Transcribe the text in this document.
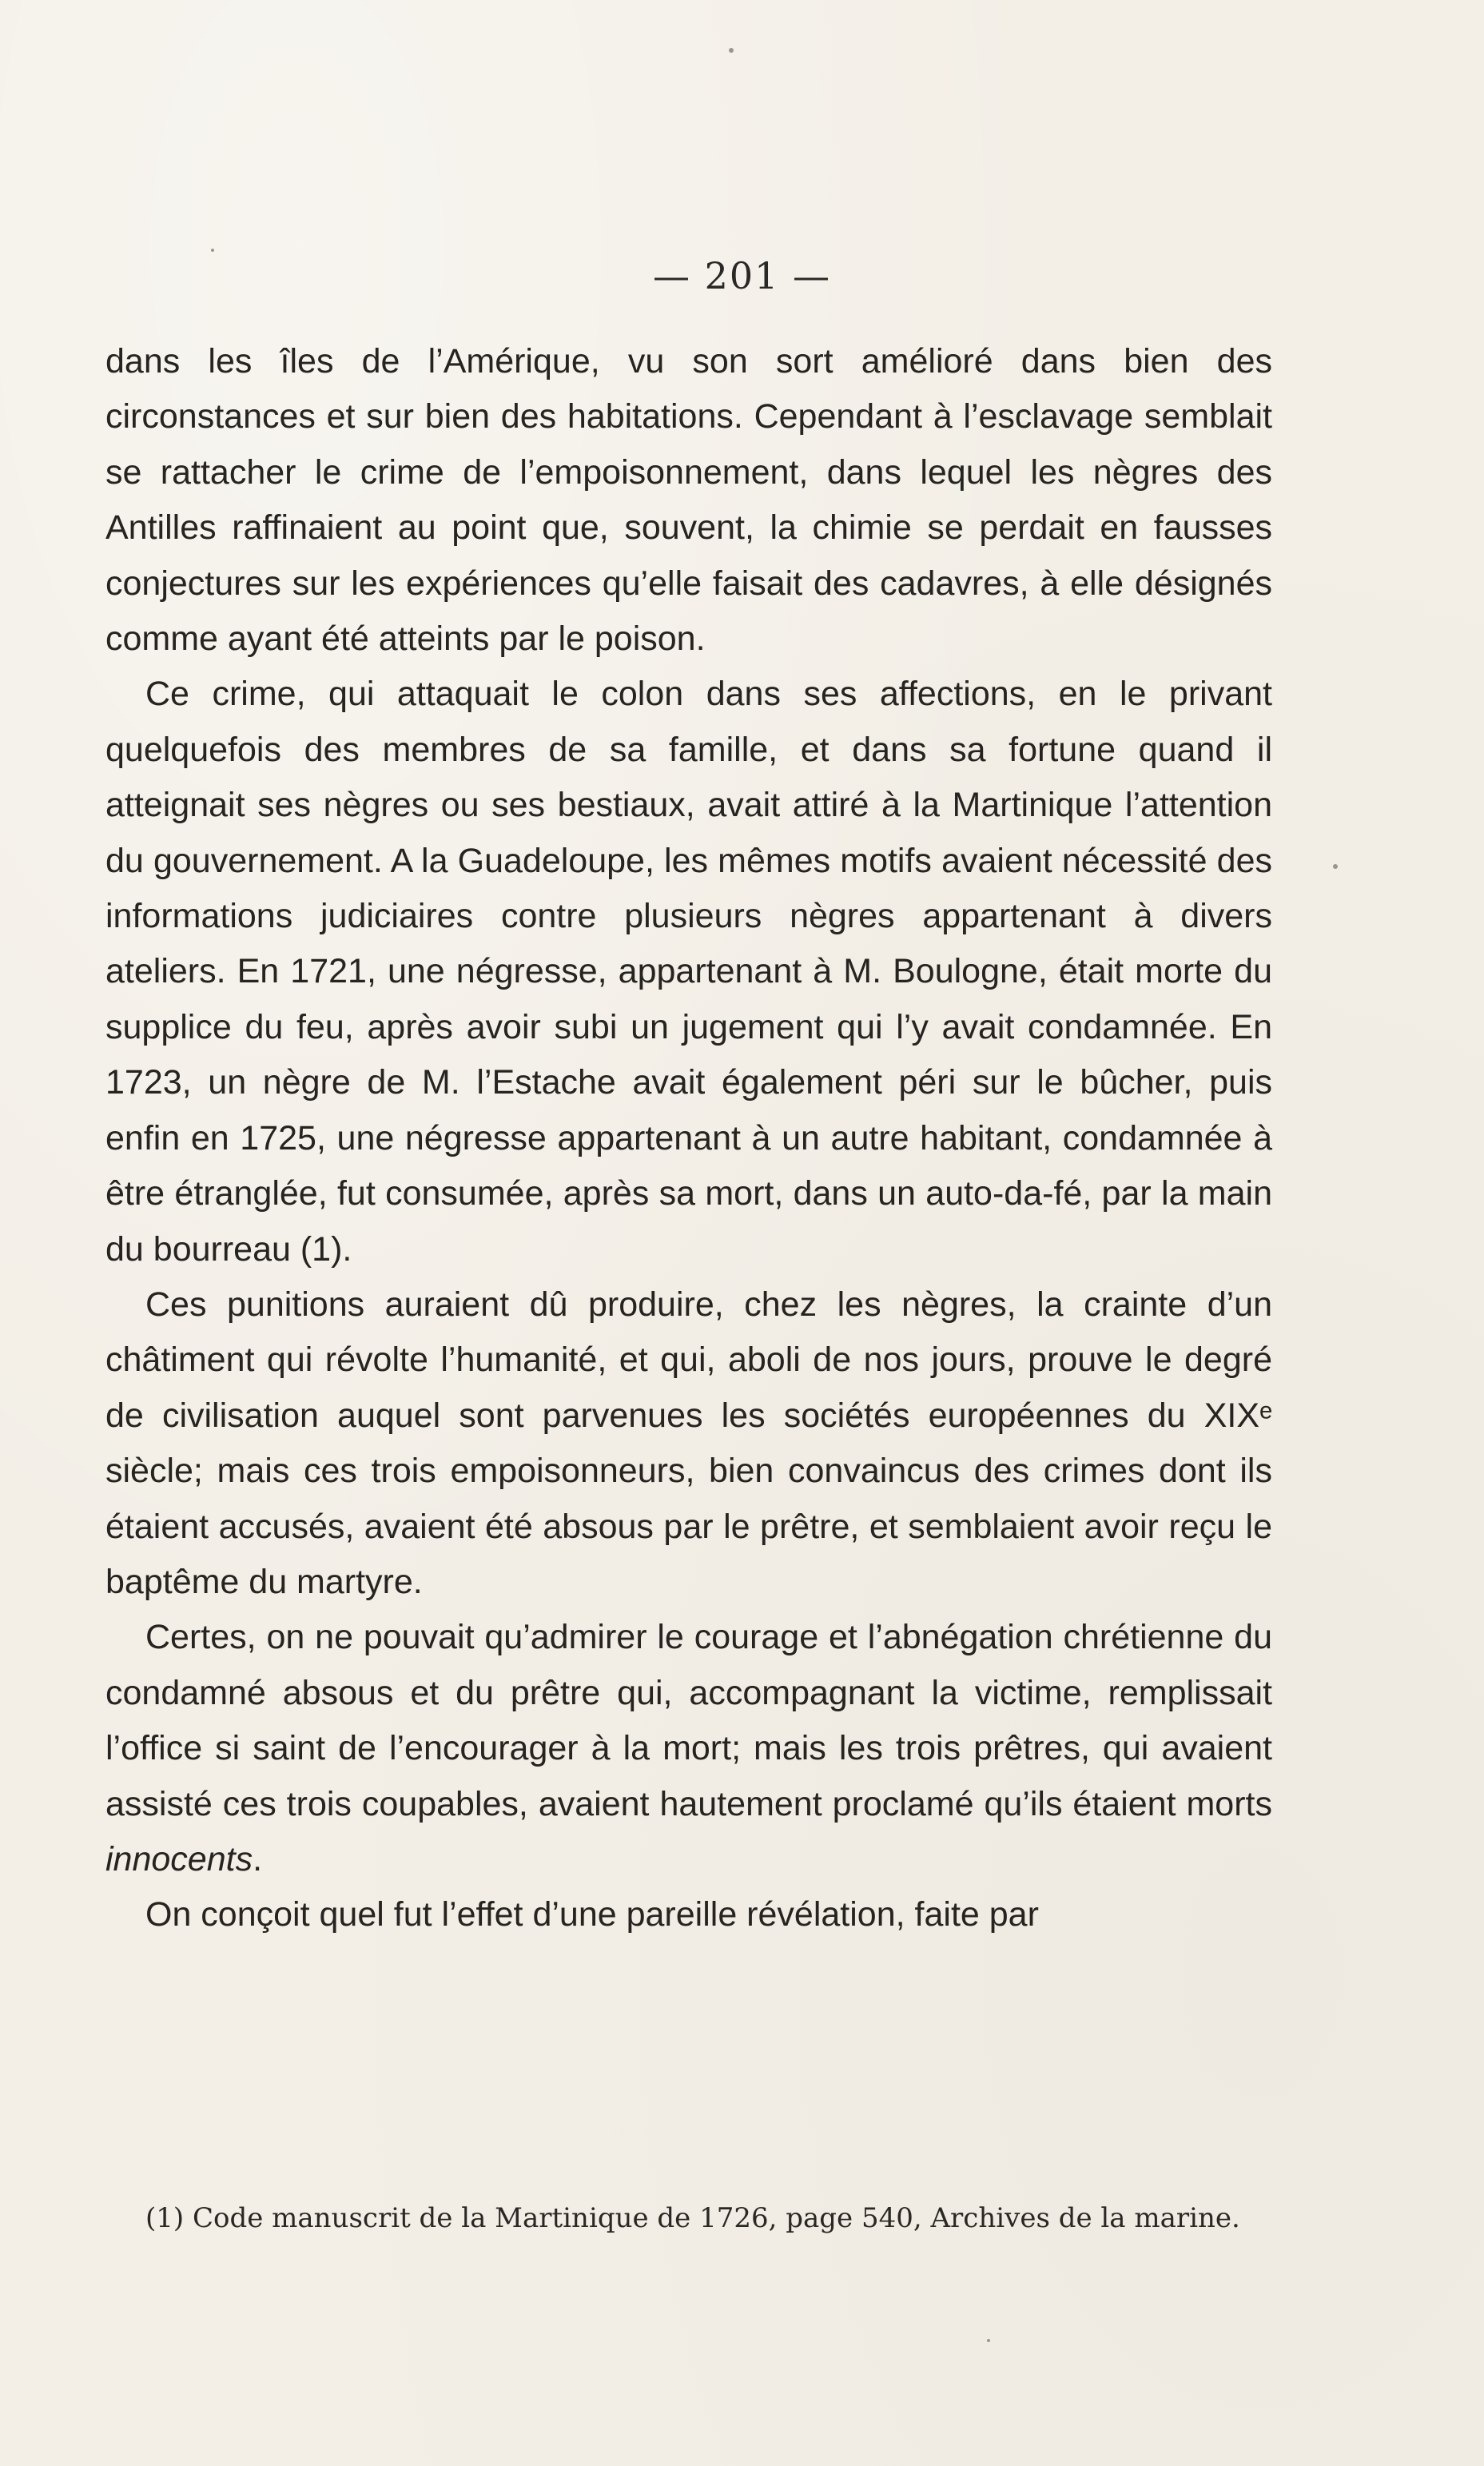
— 201 —

dans les îles de l’Amérique, vu son sort amélioré dans bien des circonstances et sur bien des habitations. Cependant à l’esclavage semblait se rattacher le crime de l’empoisonnement, dans lequel les nègres des Antilles raffinaient au point que, souvent, la chimie se perdait en fausses conjectures sur les expériences qu’elle faisait des cadavres, à elle désignés comme ayant été atteints par le poison.

Ce crime, qui attaquait le colon dans ses affections, en le privant quelquefois des membres de sa famille, et dans sa fortune quand il atteignait ses nègres ou ses bestiaux, avait attiré à la Martinique l’attention du gouvernement. A la Guadeloupe, les mêmes motifs avaient nécessité des informations judiciaires contre plusieurs nègres appartenant à divers ateliers. En 1721, une négresse, appartenant à M. Boulogne, était morte du supplice du feu, après avoir subi un jugement qui l’y avait condamnée. En 1723, un nègre de M. l’Estache avait également péri sur le bûcher, puis enfin en 1725, une négresse appartenant à un autre habitant, condamnée à être étranglée, fut consumée, après sa mort, dans un auto-da-fé, par la main du bourreau (1).

Ces punitions auraient dû produire, chez les nègres, la crainte d’un châtiment qui révolte l’humanité, et qui, aboli de nos jours, prouve le degré de civilisation auquel sont parvenues les sociétés européennes du XIXᵉ siècle; mais ces trois empoisonneurs, bien convaincus des crimes dont ils étaient accusés, avaient été absous par le prêtre, et semblaient avoir reçu le baptême du martyre.

Certes, on ne pouvait qu’admirer le courage et l’abnégation chrétienne du condamné absous et du prêtre qui, accompagnant la victime, remplissait l’office si saint de l’encourager à la mort; mais les trois prêtres, qui avaient assisté ces trois coupables, avaient hautement proclamé qu’ils étaient morts innocents.

On conçoit quel fut l’effet d’une pareille révélation, faite par

(1) Code manuscrit de la Martinique de 1726, page 540, Archives de la marine.
